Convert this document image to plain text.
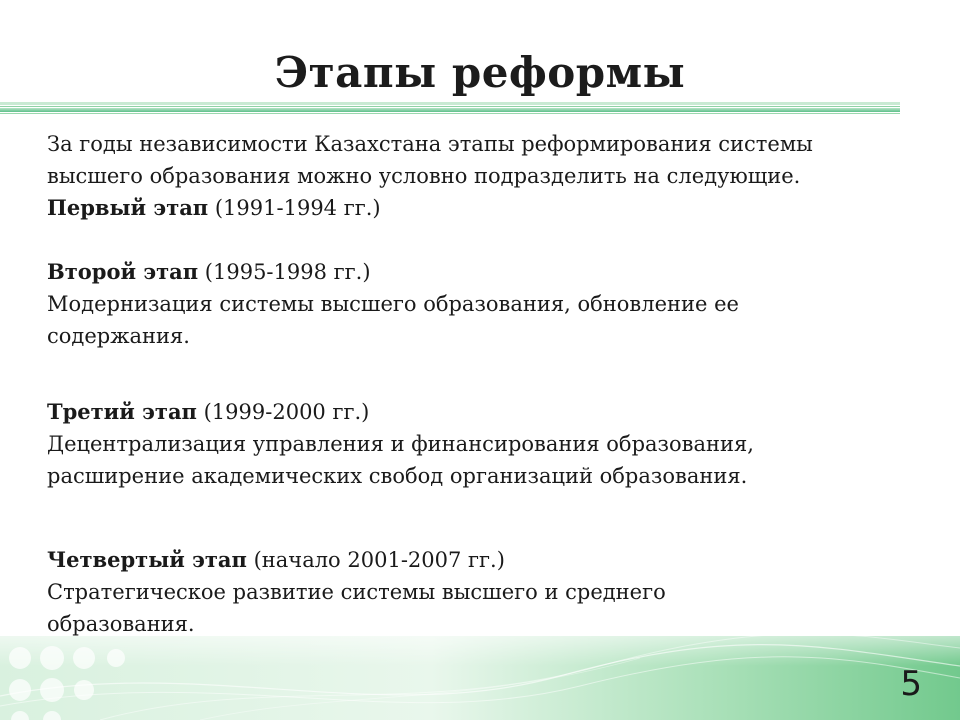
Этапы реформы

За годы независимости Казахстана этапы реформирования системы

высшего образования можно условно подразделить на следующие.

Первый этап (1991-1994 гг.)

Второй этап (1995-1998 гг.)

Модернизация системы высшего образования, обновление ее

содержания.

Третий этап (1999-2000 гг.)

Децентрализация управления и финансирования образования,

расширение академических свобод организаций образования.

Четвертый этап (начало 2001-2007 гг.)

Стратегическое развитие системы высшего и среднего

образования.

5
